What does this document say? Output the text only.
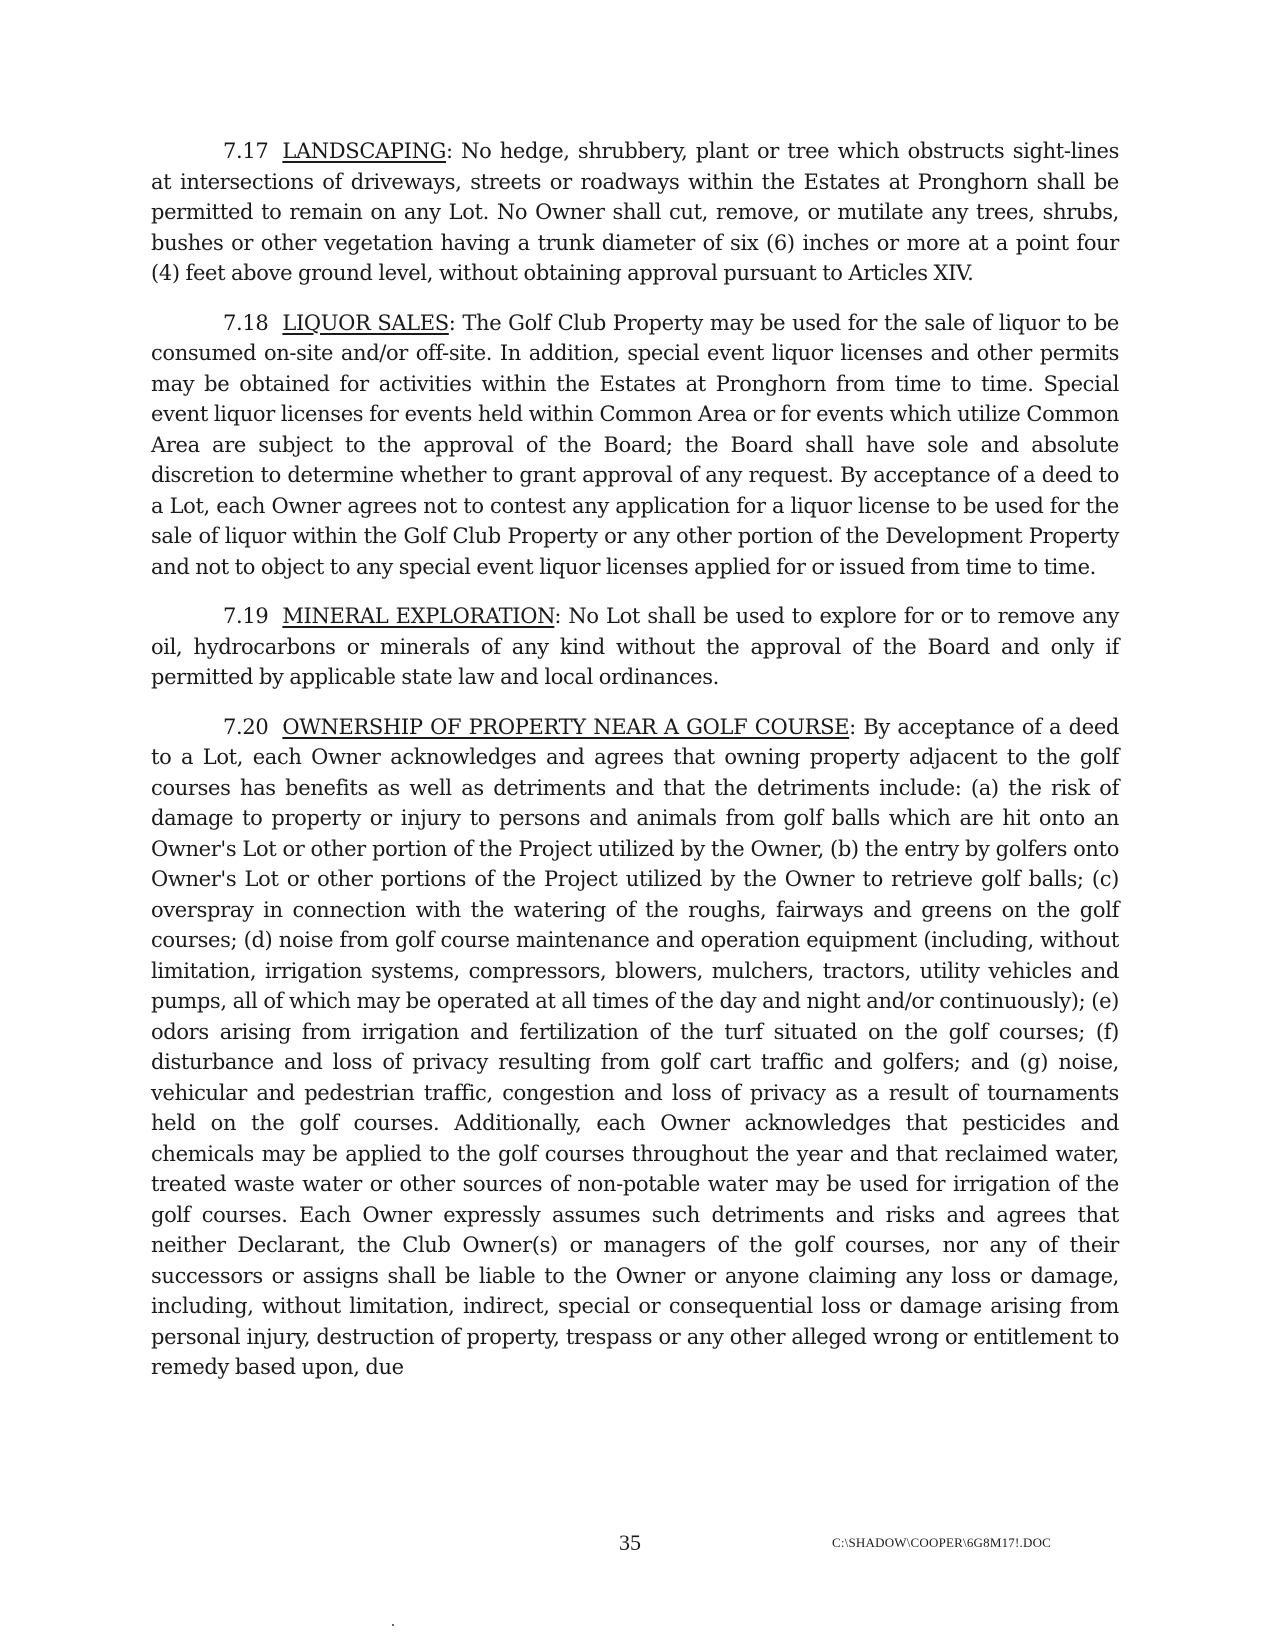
7.17 LANDSCAPING: No hedge, shrubbery, plant or tree which obstructs sight-lines at intersections of driveways, streets or roadways within the Estates at Pronghorn shall be permitted to remain on any Lot. No Owner shall cut, remove, or mutilate any trees, shrubs, bushes or other vegetation having a trunk diameter of six (6) inches or more at a point four (4) feet above ground level, without obtaining approval pursuant to Articles XIV.

7.18 LIQUOR SALES: The Golf Club Property may be used for the sale of liquor to be consumed on-site and/or off-site. In addition, special event liquor licenses and other permits may be obtained for activities within the Estates at Pronghorn from time to time. Special event liquor licenses for events held within Common Area or for events which utilize Common Area are subject to the approval of the Board; the Board shall have sole and absolute discretion to determine whether to grant approval of any request. By acceptance of a deed to a Lot, each Owner agrees not to contest any application for a liquor license to be used for the sale of liquor within the Golf Club Property or any other portion of the Development Property and not to object to any special event liquor licenses applied for or issued from time to time.

7.19 MINERAL EXPLORATION: No Lot shall be used to explore for or to remove any oil, hydrocarbons or minerals of any kind without the approval of the Board and only if permitted by applicable state law and local ordinances.

7.20 OWNERSHIP OF PROPERTY NEAR A GOLF COURSE: By acceptance of a deed to a Lot, each Owner acknowledges and agrees that owning property adjacent to the golf courses has benefits as well as detriments and that the detriments include: (a) the risk of damage to property or injury to persons and animals from golf balls which are hit onto an Owner's Lot or other portion of the Project utilized by the Owner, (b) the entry by golfers onto Owner's Lot or other portions of the Project utilized by the Owner to retrieve golf balls; (c) overspray in connection with the watering of the roughs, fairways and greens on the golf courses; (d) noise from golf course maintenance and operation equipment (including, without limitation, irrigation systems, compressors, blowers, mulchers, tractors, utility vehicles and pumps, all of which may be operated at all times of the day and night and/or continuously); (e) odors arising from irrigation and fertilization of the turf situated on the golf courses; (f) disturbance and loss of privacy resulting from golf cart traffic and golfers; and (g) noise, vehicular and pedestrian traffic, congestion and loss of privacy as a result of tournaments held on the golf courses. Additionally, each Owner acknowledges that pesticides and chemicals may be applied to the golf courses throughout the year and that reclaimed water, treated waste water or other sources of non-potable water may be used for irrigation of the golf courses. Each Owner expressly assumes such detriments and risks and agrees that neither Declarant, the Club Owner(s) or managers of the golf courses, nor any of their successors or assigns shall be liable to the Owner or anyone claiming any loss or damage, including, without limitation, indirect, special or consequential loss or damage arising from personal injury, destruction of property, trespass or any other alleged wrong or entitlement to remedy based upon, due

35	C:\SHADOW\COOPER\6G8M17!.DOC
